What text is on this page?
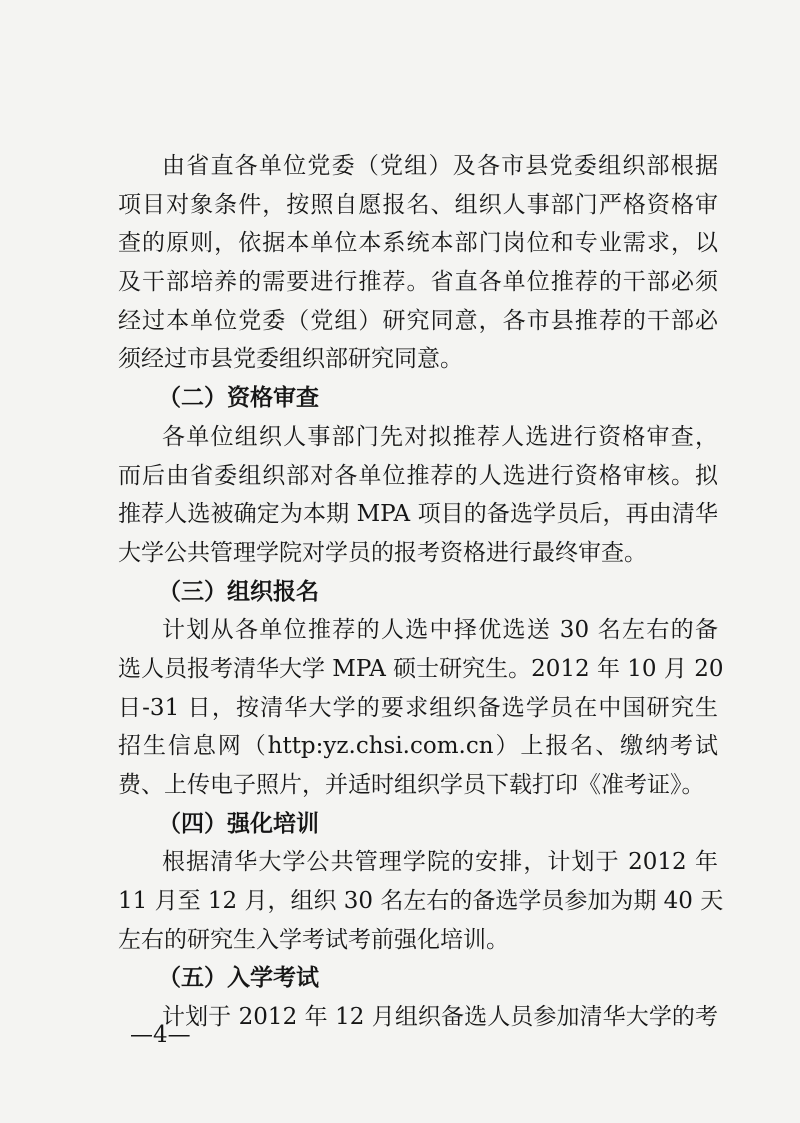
由省直各单位党委（党组）及各市县党委组织部根据
项目对象条件，按照自愿报名、组织人事部门严格资格审
查的原则，依据本单位本系统本部门岗位和专业需求，以
及干部培养的需要进行推荐。省直各单位推荐的干部必须
经过本单位党委（党组）研究同意，各市县推荐的干部必
须经过市县党委组织部研究同意。
（二）资格审查
各单位组织人事部门先对拟推荐人选进行资格审查，
而后由省委组织部对各单位推荐的人选进行资格审核。拟
推荐人选被确定为本期 MPA 项目的备选学员后，再由清华
大学公共管理学院对学员的报考资格进行最终审查。
（三）组织报名
计划从各单位推荐的人选中择优选送 30 名左右的备
选人员报考清华大学 MPA 硕士研究生。2012 年 10 月 20
日-31 日，按清华大学的要求组织备选学员在中国研究生
招生信息网（http:yz.chsi.com.cn）上报名、缴纳考试
费、上传电子照片，并适时组织学员下载打印《准考证》。
（四）强化培训
根据清华大学公共管理学院的安排，计划于 2012 年
11 月至 12 月，组织 30 名左右的备选学员参加为期 40 天
左右的研究生入学考试考前强化培训。
（五）入学考试
计划于 2012 年 12 月组织备选人员参加清华大学的考
—4—
